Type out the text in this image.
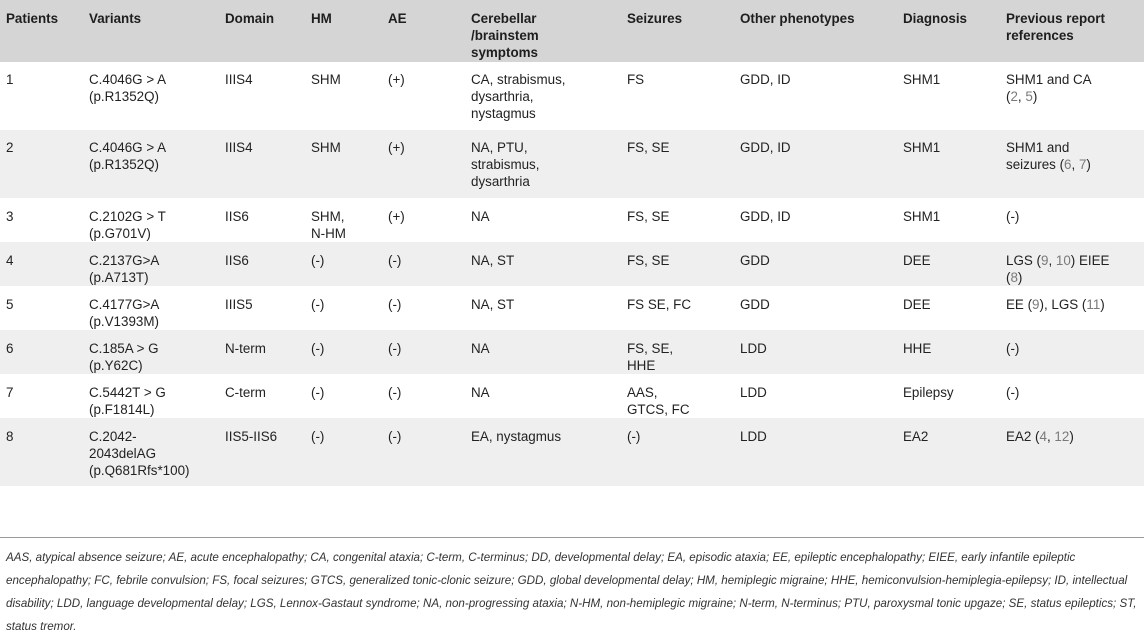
Patients	Variants	Domain	HM	AE	Cerebellar
/brainstem
symptoms	Seizures	Other phenotypes	Diagnosis	Previous report
references
1	C.4046G > A
(p.R1352Q)	IIIS4	SHM	(+)	CA, strabismus,
dysarthria,
nystagmus	FS	GDD, ID	SHM1	SHM1 and CA
(2, 5)
2	C.4046G > A
(p.R1352Q)	IIIS4	SHM	(+)	NA, PTU,
strabismus,
dysarthria	FS, SE	GDD, ID	SHM1	SHM1 and
seizures (6, 7)
3	C.2102G > T
(p.G701V)	IIS6	SHM,
N-HM	(+)	NA	FS, SE	GDD, ID	SHM1	(-)
4	C.2137G>A
(p.A713T)	IIS6	(-)	(-)	NA, ST	FS, SE	GDD	DEE	LGS (9, 10) EIEE
(8)
5	C.4177G>A
(p.V1393M)	IIIS5	(-)	(-)	NA, ST	FS SE, FC	GDD	DEE	EE (9), LGS (11)
6	C.185A > G
(p.Y62C)	N-term	(-)	(-)	NA	FS, SE,
HHE	LDD	HHE	(-)
7	C.5442T > G
(p.F1814L)	C-term	(-)	(-)	NA	AAS,
GTCS, FC	LDD	Epilepsy	(-)
8	C.2042-
2043delAG
(p.Q681Rfs*100)	IIS5-IIS6	(-)	(-)	EA, nystagmus	(-)	LDD	EA2	EA2 (4, 12)
AAS, atypical absence seizure; AE, acute encephalopathy; CA, congenital ataxia; C-term, C-terminus; DD, developmental delay; EA, episodic ataxia; EE, epileptic encephalopathy; EIEE, early infantile epileptic encephalopathy; FC, febrile convulsion; FS, focal seizures; GTCS, generalized tonic-clonic seizure; GDD, global developmental delay; HM, hemiplegic migraine; HHE, hemiconvulsion-hemiplegia-epilepsy; ID, intellectual disability; LDD, language developmental delay; LGS, Lennox-Gastaut syndrome; NA, non-progressing ataxia; N-HM, non-hemiplegic migraine; N-term, N-terminus; PTU, paroxysmal tonic upgaze; SE, status epileptics; ST, status tremor.
